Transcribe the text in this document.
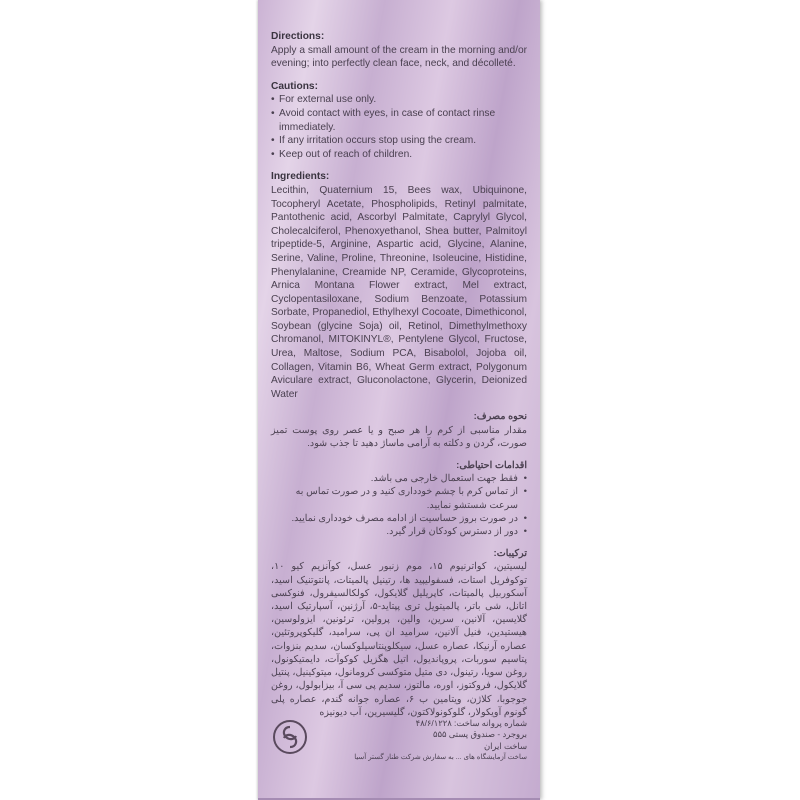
Directions:

Apply a small amount of the cream in the morning and/or evening; into perfectly clean face, neck, and décolleté.

Cautions:

• For external use only.
• Avoid contact with eyes, in case of contact rinse immediately.
• If any irritation occurs stop using the cream.
• Keep out of reach of children.

Ingredients:

Lecithin, Quaternium 15, Bees wax, Ubiquinone, Tocopheryl Acetate, Phospholipids, Retinyl palmitate, Pantothenic acid, Ascorbyl Palmitate, Caprylyl Glycol, Cholecalciferol, Phenoxyethanol, Shea butter, Palmitoyl tripeptide-5, Arginine, Aspartic acid, Glycine, Alanine, Serine, Valine, Proline, Threonine, Isoleucine, Histidine, Phenylalanine, Creamide NP, Ceramide, Glycoproteins, Arnica Montana Flower extract, Mel extract, Cyclopentasiloxane, Sodium Benzoate, Potassium Sorbate, Propanediol, Ethylhexyl Cocoate, Dimethiconol, Soybean (glycine Soja) oil, Retinol, Dimethylmethoxy Chromanol, MITOKINYL®, Pentylene Glycol, Fructose, Urea, Maltose, Sodium PCA, Bisabolol, Jojoba oil, Collagen, Vitamin B6, Wheat Germ extract, Polygonum Aviculare extract, Gluconolactone, Glycerin, Deionized Water

نحوه مصرف:

مقدار مناسبی از کرم را هر صبح و یا عصر روی پوست تمیز صورت، گردن و دکلته به آرامی ماساژ دهید تا جذب شود.

اقدامات احتیاطی:

• فقط جهت استعمال خارجی می باشد.
• از تماس کرم با چشم خودداری کنید و در صورت تماس به سرعت شستشو نمایید.
• در صورت بروز حساسیت از ادامه مصرف خودداری نمایید.
• دور از دسترس کودکان قرار گیرد.

ترکیبات:

لیسیتین، کواترنیوم ۱۵، موم زنبور عسل، کوآنزیم کیو ۱۰، توکوفریل استات، فسفولیپید ها، رتینیل پالمیتات، پانتوتنیک اسید، آسکوربیل پالمیتات، کاپریلیل گلایکول، کولکالسیفرول، فنوکسی اتانل، شی باتر، پالمیتویل تری پپتاید-۵، آرژنین، آسپارتیک اسید، گلایسین، آلانین، سرین، والین، پرولین، ترئونین، ایزولوسین، هیستیدین، فنیل آلانین، سرامید ان پی، سرامید، گلیکوپروتئین، عصاره آرنیکا، عصاره عسل، سیکلوپنتاسیلوکسان، سدیم بنزوات، پتاسیم سوربات، پروپاندیول، اتیل هگزیل کوکوآت، دایمتیکونول، روغن سویا، رتینول، دی متیل متوکسی کرومانول، میتوکینیل، پنتیل گلایکول، فروکتوز، اوره، مالتوز، سدیم پی سی آ، بیزابولول، روغن جوجوبا، کلاژن، ویتامین ب ۶، عصاره جوانه گندم، عصاره پلی گونوم آویکولار، گلوکونولاکتون، گلیسیرین، آب دیونیزه

شماره پروانه ساخت: ۴۸/۶/۱۲۲۸
بروجرد - صندوق پستی ۵۵۵
ساخت ایران
ساخت آزمایشگاه های ... به سفارش شرکت طناز گستر آسیا
